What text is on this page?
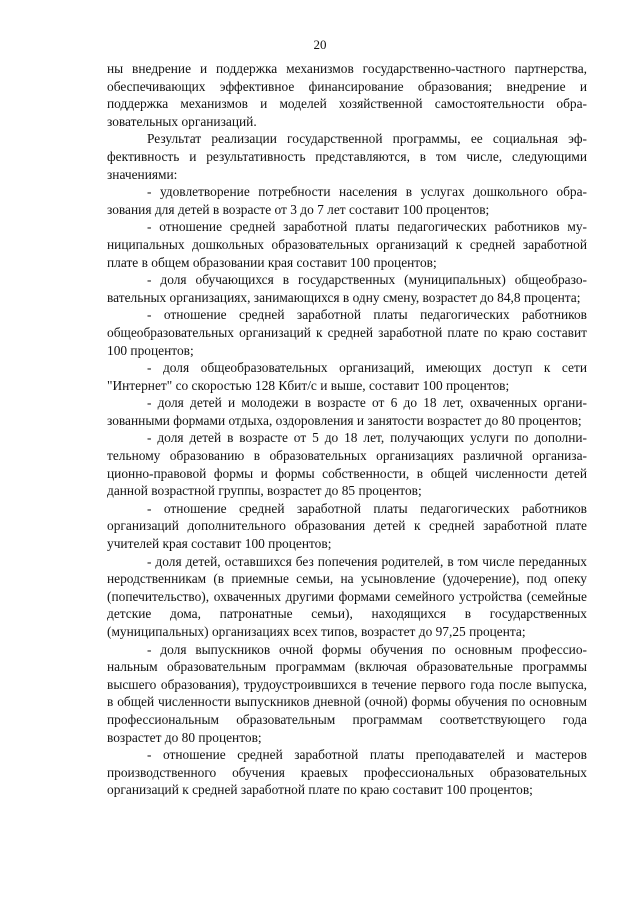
20

ны внедрение и поддержка механизмов государственно-частного партнерства, обеспечивающих эффективное финансирование образования; внедрение и поддержка механизмов и моделей хозяйственной самостоятельности образовательных организаций.

Результат реализации государственной программы, ее социальная эффективность и результативность представляются, в том числе, следующими значениями:

- удовлетворение потребности населения в услугах дошкольного образования для детей в возрасте от 3 до 7 лет составит 100 процентов;

- отношение средней заработной платы педагогических работников муниципальных дошкольных образовательных организаций к средней заработной плате в общем образовании края составит 100 процентов;

- доля обучающихся в государственных (муниципальных) общеобразовательных организациях, занимающихся в одну смену, возрастет до 84,8 процента;

- отношение средней заработной платы педагогических работников общеобразовательных организаций к средней заработной плате по краю составит 100 процентов;

- доля общеобразовательных организаций, имеющих доступ к сети "Интернет" со скоростью 128 Кбит/с и выше, составит 100 процентов;

- доля детей и молодежи в возрасте от 6 до 18 лет, охваченных организованными формами отдыха, оздоровления и занятости возрастет до 80 процентов;

- доля детей в возрасте от 5 до 18 лет, получающих услуги по дополнительному образованию в образовательных организациях различной организационно-правовой формы и формы собственности, в общей численности детей данной возрастной группы, возрастет до 85 процентов;

- отношение средней заработной платы педагогических работников организаций дополнительного образования детей к средней заработной плате учителей края составит 100 процентов;

- доля детей, оставшихся без попечения родителей, в том числе переданных неродственникам (в приемные семьи, на усыновление (удочерение), под опеку (попечительство), охваченных другими формами семейного устройства (семейные детские дома, патронатные семьи), находящихся в государственных (муниципальных) организациях всех типов, возрастет до 97,25 процента;

- доля выпускников очной формы обучения по основным профессиональным образовательным программам (включая образовательные программы высшего образования), трудоустроившихся в течение первого года после выпуска, в общей численности выпускников дневной (очной) формы обучения по основным профессиональным образовательным программам соответствующего года возрастет до 80 процентов;

- отношение средней заработной платы преподавателей и мастеров производственного обучения краевых профессиональных образовательных организаций к средней заработной плате по краю составит 100 процентов;
